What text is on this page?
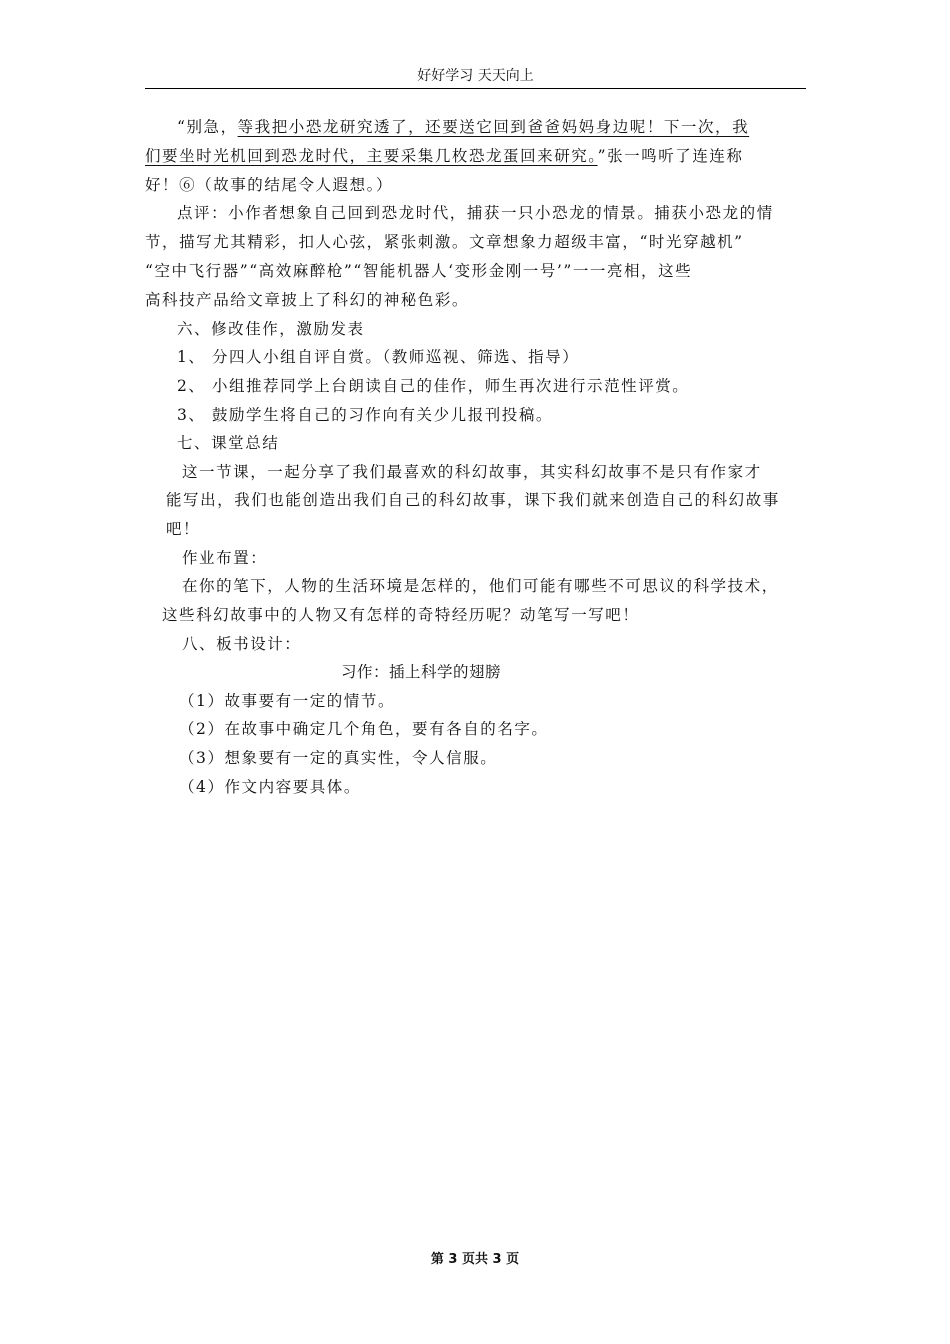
好好学习 天天向上
“别急，等我把小恐龙研究透了，还要送它回到爸爸妈妈身边呢！下一次，我
们要坐时光机回到恐龙时代，主要采集几枚恐龙蛋回来研究。”张一鸣听了连连称
好！⑥（故事的结尾令人遐想。）
点评：小作者想象自己回到恐龙时代，捕获一只小恐龙的情景。捕获小恐龙的情
节，描写尤其精彩，扣人心弦，紧张刺激。文章想象力超级丰富，“时光穿越机”
“空中飞行器”“高效麻醉枪”“智能机器人‘变形金刚一号’”一一亮相，这些
高科技产品给文章披上了科幻的神秘色彩。
六、修改佳作，激励发表
1、 分四人小组自评自赏。（教师巡视、筛选、指导）
2、 小组推荐同学上台朗读自己的佳作，师生再次进行示范性评赏。
3、 鼓励学生将自己的习作向有关少儿报刊投稿。
七、课堂总结
这一节课，一起分享了我们最喜欢的科幻故事，其实科幻故事不是只有作家才
能写出，我们也能创造出我们自己的科幻故事，课下我们就来创造自己的科幻故事
吧！
作业布置：
在你的笔下，人物的生活环境是怎样的，他们可能有哪些不可思议的科学技术，
这些科幻故事中的人物又有怎样的奇特经历呢？动笔写一写吧！
八、板书设计：
习作：插上科学的翅膀
（1）故事要有一定的情节。
（2）在故事中确定几个角色，要有各自的名字。
（3）想象要有一定的真实性，令人信服。
（4）作文内容要具体。
第 3 页共 3 页
